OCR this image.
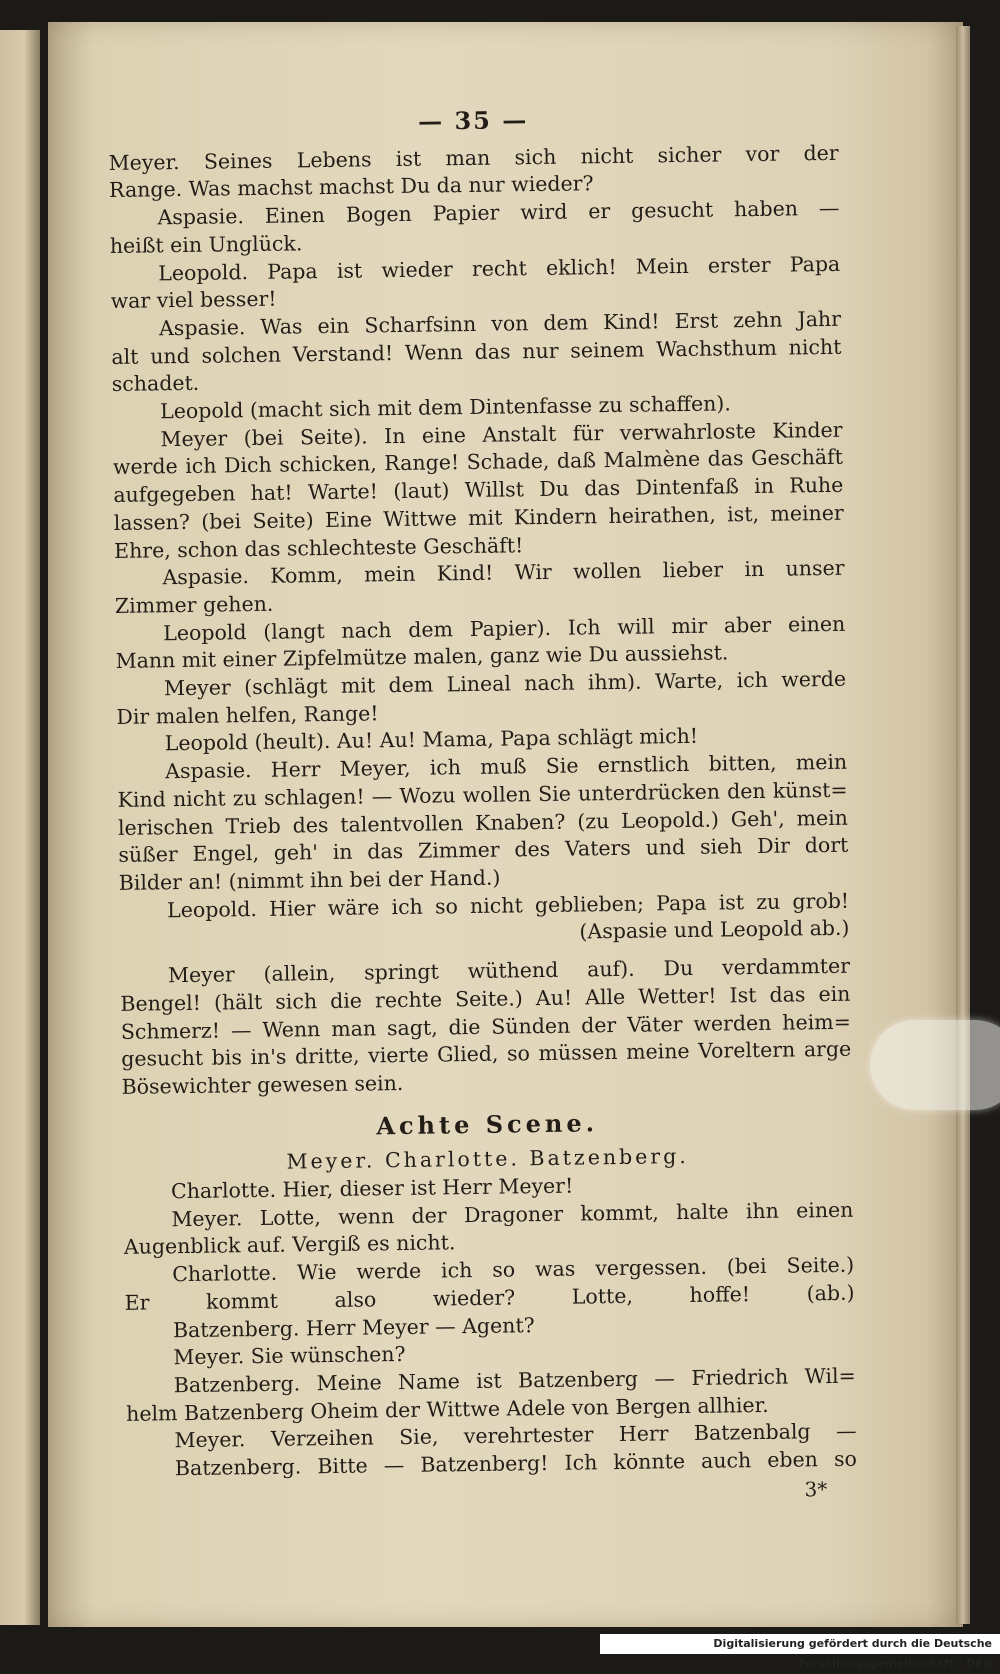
— 35 —
Meyer. Seines Lebens ist man sich nicht sicher vor der
Range. Was machst machst Du da nur wieder?
Aspasie. Einen Bogen Papier wird er gesucht haben —
heißt ein Unglück.
Leopold. Papa ist wieder recht eklich! Mein erster Papa
war viel besser!
Aspasie. Was ein Scharfsinn von dem Kind! Erst zehn Jahr
alt und solchen Verstand! Wenn das nur seinem Wachsthum nicht
schadet.
Leopold (macht sich mit dem Dintenfasse zu schaffen).
Meyer (bei Seite). In eine Anstalt für verwahrloste Kinder
werde ich Dich schicken, Range! Schade, daß Malmène das Geschäft
aufgegeben hat! Warte! (laut) Willst Du das Dintenfaß in Ruhe
lassen? (bei Seite) Eine Wittwe mit Kindern heirathen, ist, meiner
Ehre, schon das schlechteste Geschäft!
Aspasie. Komm, mein Kind! Wir wollen lieber in unser
Zimmer gehen.
Leopold (langt nach dem Papier). Ich will mir aber einen
Mann mit einer Zipfelmütze malen, ganz wie Du aussiehst.
Meyer (schlägt mit dem Lineal nach ihm). Warte, ich werde
Dir malen helfen, Range!
Leopold (heult). Au! Au! Mama, Papa schlägt mich!
Aspasie. Herr Meyer, ich muß Sie ernstlich bitten, mein
Kind nicht zu schlagen! — Wozu wollen Sie unterdrücken den künst=
lerischen Trieb des talentvollen Knaben? (zu Leopold.) Geh', mein
süßer Engel, geh' in das Zimmer des Vaters und sieh Dir dort
Bilder an! (nimmt ihn bei der Hand.)
Leopold. Hier wäre ich so nicht geblieben; Papa ist zu grob!
(Aspasie und Leopold ab.)
Meyer (allein, springt wüthend auf). Du verdammter
Bengel! (hält sich die rechte Seite.) Au! Alle Wetter! Ist das ein
Schmerz! — Wenn man sagt, die Sünden der Väter werden heim=
gesucht bis in's dritte, vierte Glied, so müssen meine Voreltern arge
Bösewichter gewesen sein.
Achte Scene.
Meyer. Charlotte. Batzenberg.
Charlotte. Hier, dieser ist Herr Meyer!
Meyer. Lotte, wenn der Dragoner kommt, halte ihn einen
Augenblick auf. Vergiß es nicht.
Charlotte. Wie werde ich so was vergessen. (bei Seite.)
Er kommt also wieder? Lotte, hoffe! (ab.)
Batzenberg. Herr Meyer — Agent?
Meyer. Sie wünschen?
Batzenberg. Meine Name ist Batzenberg — Friedrich Wil=
helm Batzenberg Oheim der Wittwe Adele von Bergen allhier.
Meyer. Verzeihen Sie, verehrtester Herr Batzenbalg —
Batzenberg. Bitte — Batzenberg! Ich könnte auch eben so
3*
Digitalisierung gefördert durch die Deutsche Forschungsgemeinschaft - DFG
